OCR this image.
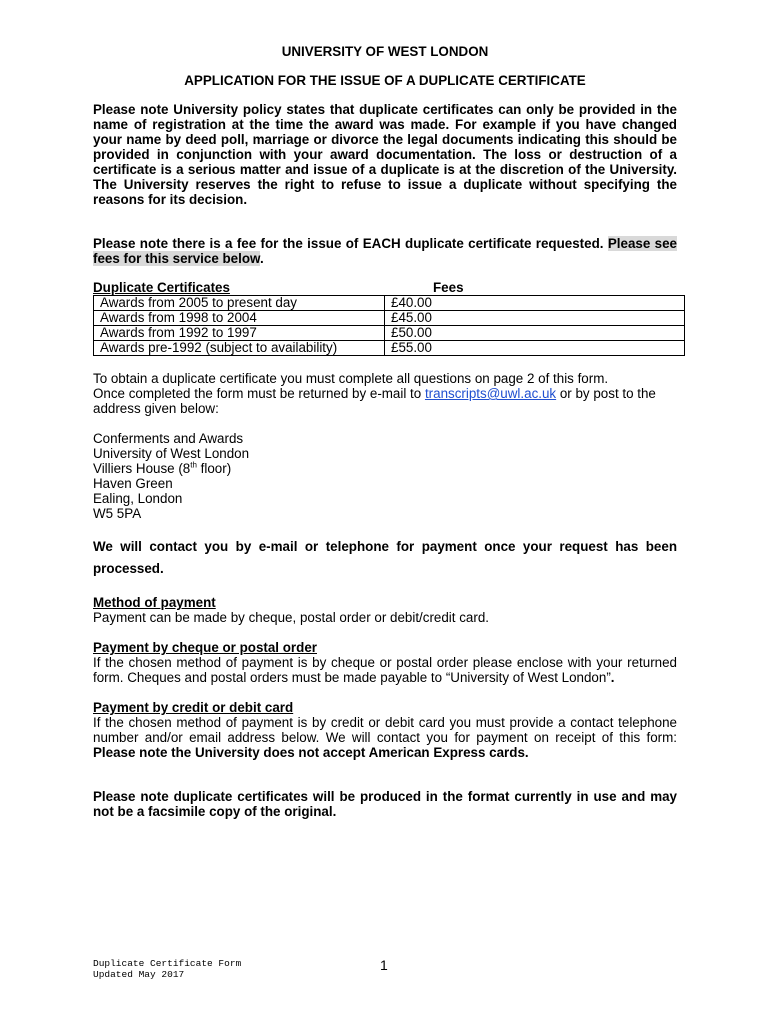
UNIVERSITY OF WEST LONDON

APPLICATION FOR THE ISSUE OF A DUPLICATE CERTIFICATE

Please note University policy states that duplicate certificates can only be provided in the name of registration at the time the award was made. For example if you have changed your name by deed poll, marriage or divorce the legal documents indicating this should be provided in conjunction with your award documentation. The loss or destruction of a certificate is a serious matter and issue of a duplicate is at the discretion of the University. The University reserves the right to refuse to issue a duplicate without specifying the reasons for its decision.

Please note there is a fee for the issue of EACH duplicate certificate requested. Please see fees for this service below.

Duplicate Certificates	Fees
Awards from 2005 to present day	£40.00
Awards from 1998 to 2004	£45.00
Awards from 1992 to 1997	£50.00
Awards pre-1992 (subject to availability)	£55.00

To obtain a duplicate certificate you must complete all questions on page 2 of this form.

Once completed the form must be returned by e-mail to transcripts@uwl.ac.uk or by post to the address given below:

Conferments and Awards

University of West London

Villiers House (8th floor)

Haven Green

Ealing, London

W5 5PA

We will contact you by e-mail or telephone for payment once your request has been processed.

Method of payment

Payment can be made by cheque, postal order or debit/credit card.

Payment by cheque or postal order

If the chosen method of payment is by cheque or postal order please enclose with your returned form. Cheques and postal orders must be made payable to “University of West London”.

Payment by credit or debit card

If the chosen method of payment is by credit or debit card you must provide a contact telephone number and/or email address below. We will contact you for payment on receipt of this form: Please note the University does not accept American Express cards.

Please note duplicate certificates will be produced in the format currently in use and may not be a facsimile copy of the original.

Duplicate Certificate Form
Updated May 2017
1
